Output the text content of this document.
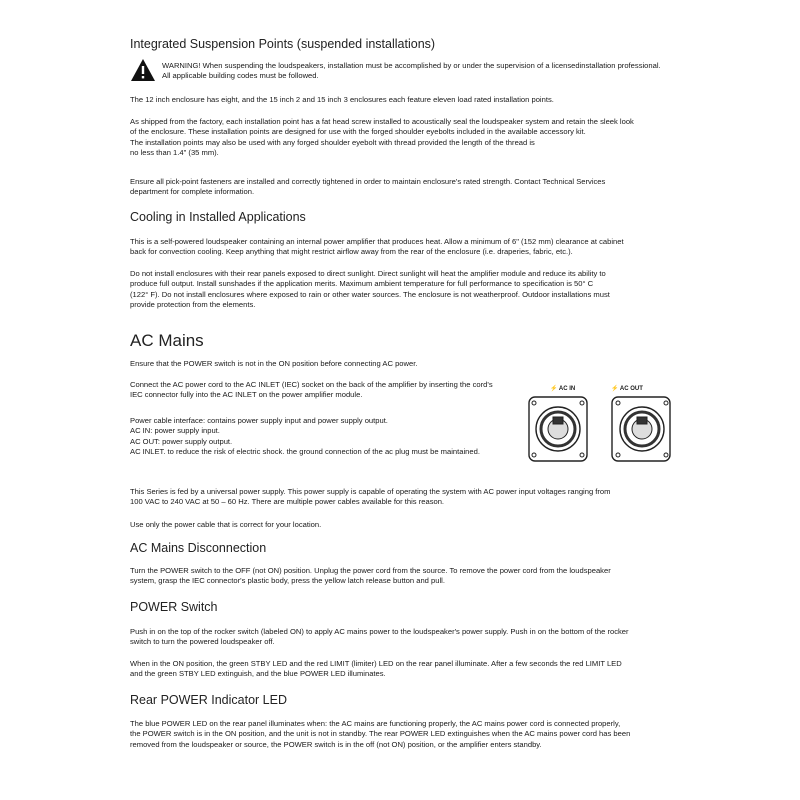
Integrated Suspension Points (suspended installations)
WARNING! When suspending the loudspeakers, installation must be accomplished by or under the supervision of a licensedinstallation professional. All applicable building codes must be followed.
The 12 inch enclosure has eight, and the 15 inch 2 and 15 inch 3 enclosures each feature eleven load rated installation points.
As shipped from the factory, each installation point has a fat head screw installed to acoustically seal the loudspeaker system and retain the sleek look
of the enclosure. These installation points are designed for use with the forged shoulder eyebolts included in the available accessory kit.
The installation points may also be used with any forged shoulder eyebolt with thread provided the length of the thread is
no less than 1.4" (35 mm).
Ensure all pick-point fasteners are installed and correctly tightened in order to maintain enclosure's rated strength. Contact Technical Services
department for complete information.
Cooling in Installed Applications
This is a self-powered loudspeaker containing an internal power amplifier that produces heat. Allow a minimum of 6" (152 mm) clearance at cabinet
back for convection cooling. Keep anything that might restrict airflow away from the rear of the enclosure (i.e. draperies, fabric, etc.).
Do not install enclosures with their rear panels exposed to direct sunlight. Direct sunlight will heat the amplifier module and reduce its ability to
produce full output. Install sunshades if the application merits. Maximum ambient temperature for full performance to specification is 50° C
(122° F). Do not install enclosures where exposed to rain or other water sources. The enclosure is not weatherproof. Outdoor installations must
provide protection from the elements.
AC Mains
Ensure that the POWER switch is not in the ON position before connecting AC power.
Connect the AC power cord to the AC INLET (IEC) socket on the back of the amplifier by inserting the cord's
IEC connector fully into the AC INLET on the power amplifier module.
Power cable interface: contains power supply input and power supply output.
AC IN: power supply input.
AC OUT: power supply output.
AC INLET. to reduce the risk of electric shock. the ground connection of the ac plug must be maintained.
⚡ AC IN	⚡ AC OUT
This Series is fed by a universal power supply. This power supply is capable of operating the system with AC power input voltages ranging from
100 VAC to 240 VAC at 50 – 60 Hz. There are multiple power cables available for this reason.
Use only the power cable that is correct for your location.
AC Mains Disconnection
Turn the POWER switch to the OFF (not ON) position. Unplug the power cord from the source. To remove the power cord from the loudspeaker
system, grasp the IEC connector's plastic body, press the yellow latch release button and pull.
POWER Switch
Push in on the top of the rocker switch (labeled ON) to apply AC mains power to the loudspeaker's power supply. Push in on the bottom of the rocker
switch to turn the powered loudspeaker off.
When in the ON position, the green STBY LED and the red LIMIT (limiter) LED on the rear panel illuminate. After a few seconds the red LIMIT LED
and the green STBY LED extinguish, and the blue POWER LED illuminates.
Rear POWER Indicator LED
The blue POWER LED on the rear panel illuminates when: the AC mains are functioning properly, the AC mains power cord is connected properly,
the POWER switch is in the ON position, and the unit is not in standby. The rear POWER LED extinguishes when the AC mains power cord has been
removed from the loudspeaker or source, the POWER switch is in the off (not ON) position, or the amplifier enters standby.
